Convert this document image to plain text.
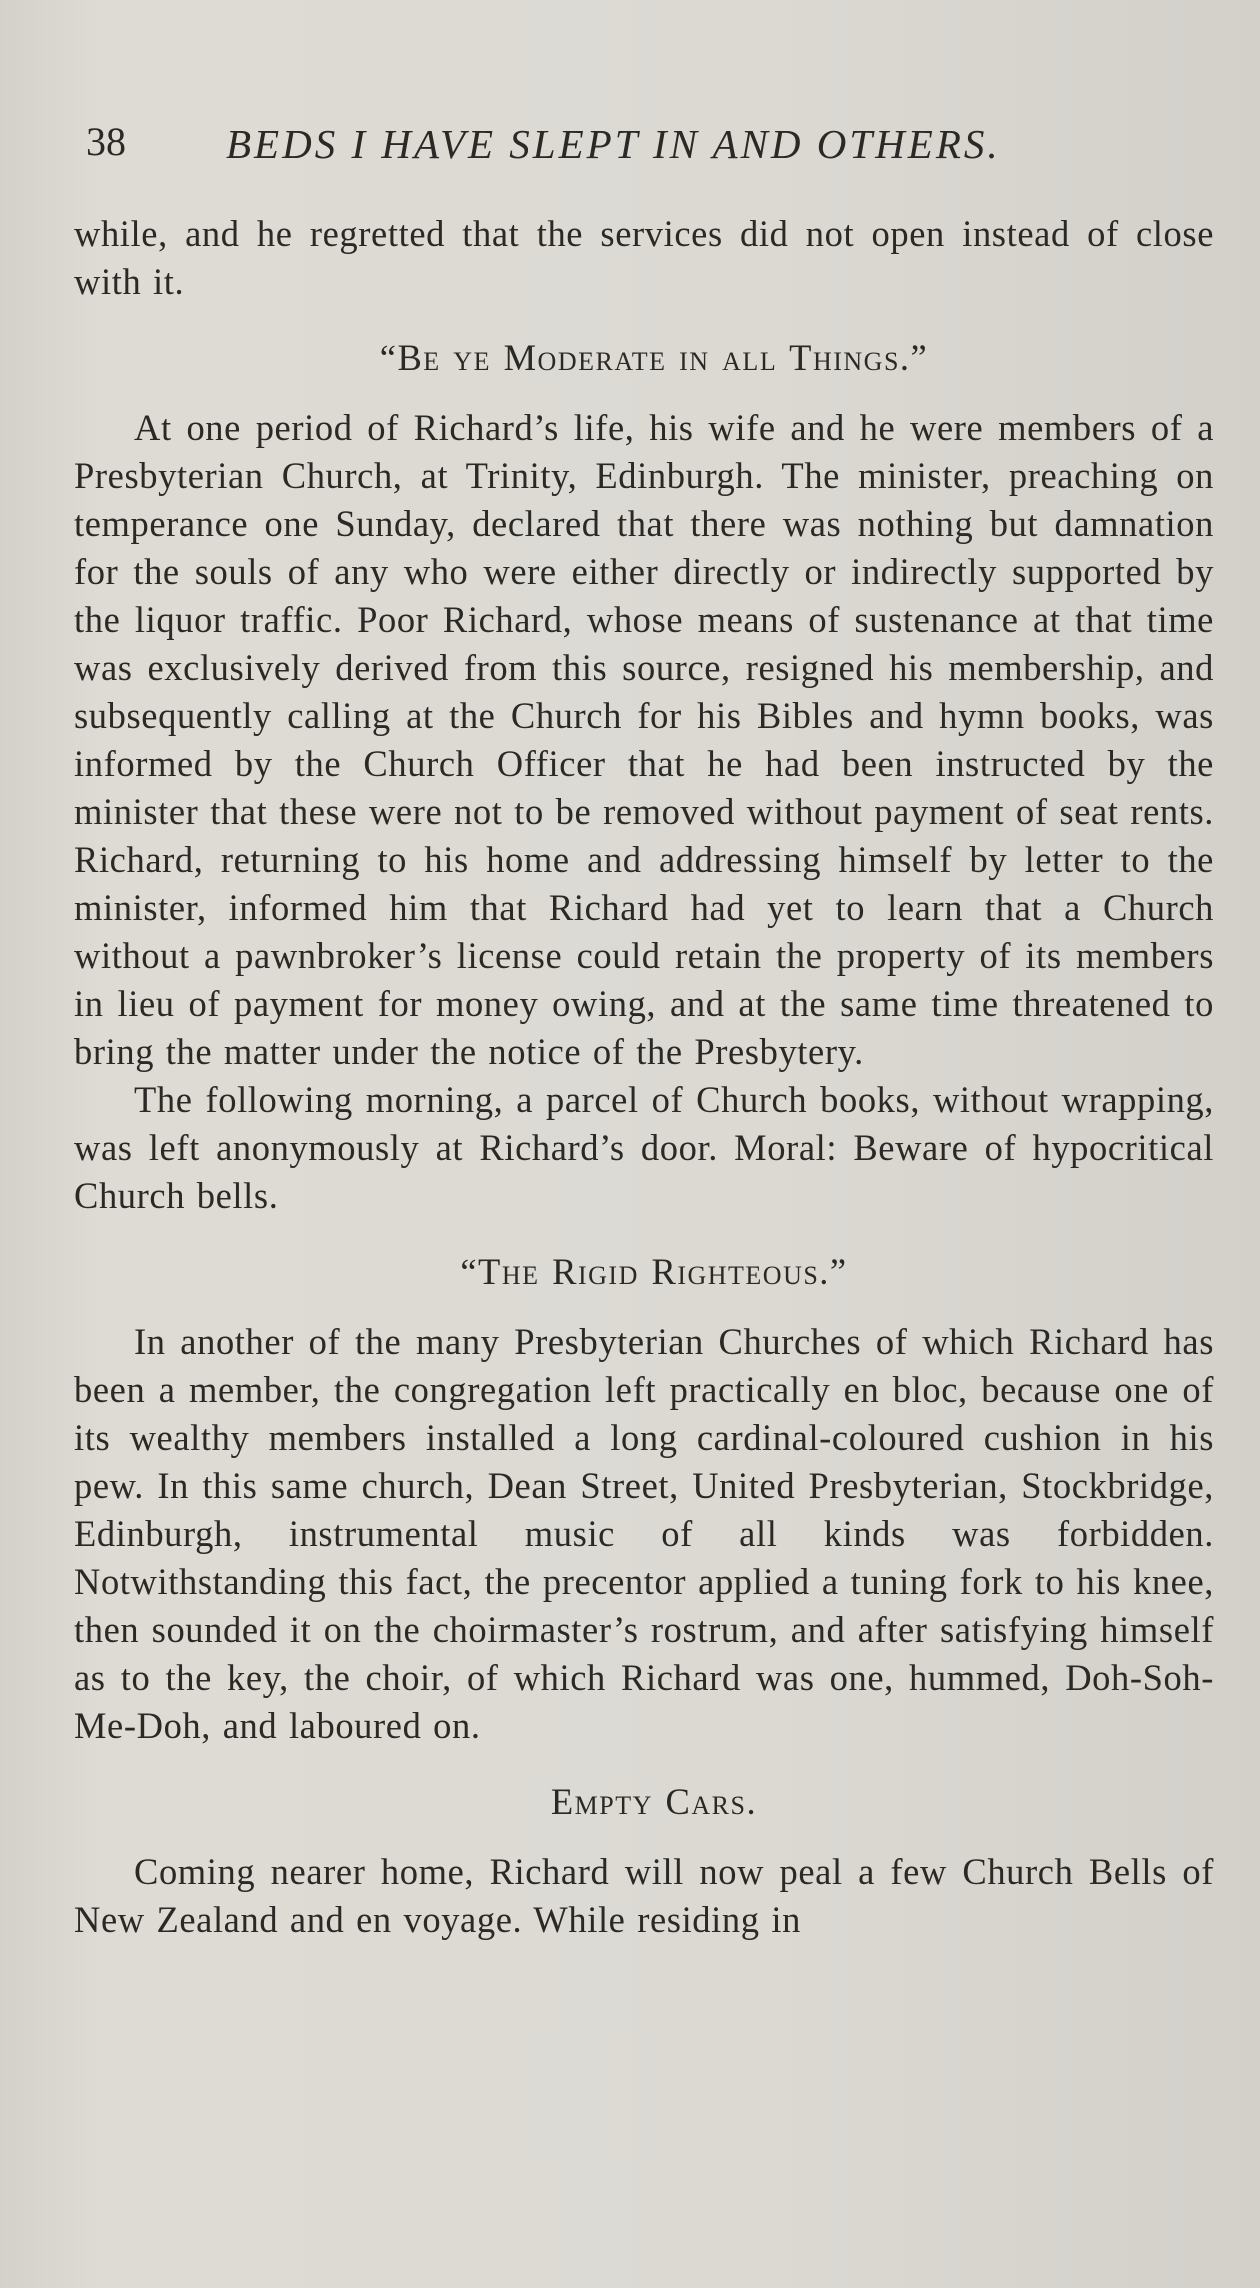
38 BEDS I HAVE SLEPT IN AND OTHERS.

while, and he regretted that the services did not open instead of close with it.

“Be ye Moderate in all Things.”

At one period of Richard’s life, his wife and he were members of a Presbyterian Church, at Trinity, Edinburgh. The minister, preaching on temperance one Sunday, declared that there was nothing but damnation for the souls of any who were either directly or indirectly supported by the liquor traffic. Poor Richard, whose means of sustenance at that time was exclusively derived from this source, resigned his membership, and subsequently calling at the Church for his Bibles and hymn books, was informed by the Church Officer that he had been instructed by the minister that these were not to be removed without payment of seat rents. Richard, returning to his home and addressing himself by letter to the minister, informed him that Richard had yet to learn that a Church without a pawnbroker’s license could retain the property of its members in lieu of payment for money owing, and at the same time threatened to bring the matter under the notice of the Presbytery.

The following morning, a parcel of Church books, without wrapping, was left anonymously at Richard’s door. Moral: Beware of hypocritical Church bells.

“The Rigid Righteous.”

In another of the many Presbyterian Churches of which Richard has been a member, the congregation left practically en bloc, because one of its wealthy members installed a long cardinal-coloured cushion in his pew. In this same church, Dean Street, United Presbyterian, Stockbridge, Edinburgh, instrumental music of all kinds was forbidden. Notwithstanding this fact, the precentor applied a tuning fork to his knee, then sounded it on the choirmaster’s rostrum, and after satisfying himself as to the key, the choir, of which Richard was one, hummed, Doh-Soh-Me-Doh, and laboured on.

Empty Cars.

Coming nearer home, Richard will now peal a few Church Bells of New Zealand and en voyage. While residing in
